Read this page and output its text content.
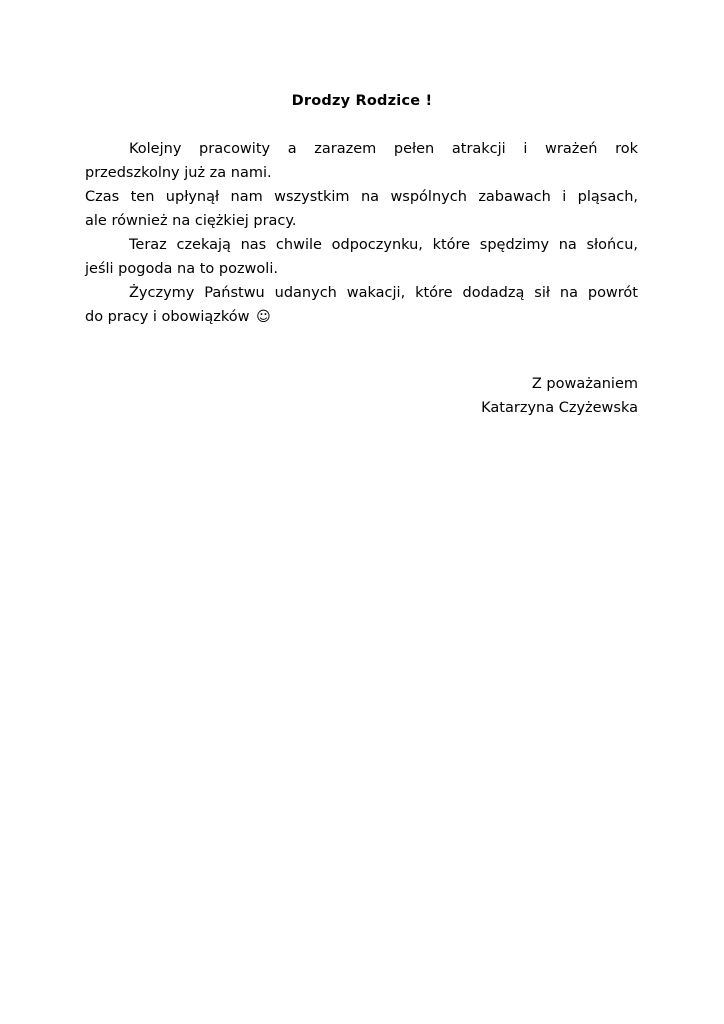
Drodzy Rodzice !
Kolejny pracowity a zarazem pełen atrakcji i wrażeń rok
przedszkolny już za nami.
Czas ten upłynął nam wszystkim na wspólnych zabawach i pląsach,
ale również na ciężkiej pracy.
Teraz czekają nas chwile odpoczynku, które spędzimy na słońcu,
jeśli pogoda na to pozwoli.
Życzymy Państwu udanych wakacji, które dodadzą sił na powrót
do pracy i obowiązków ☺
Z poważaniem
Katarzyna Czyżewska
